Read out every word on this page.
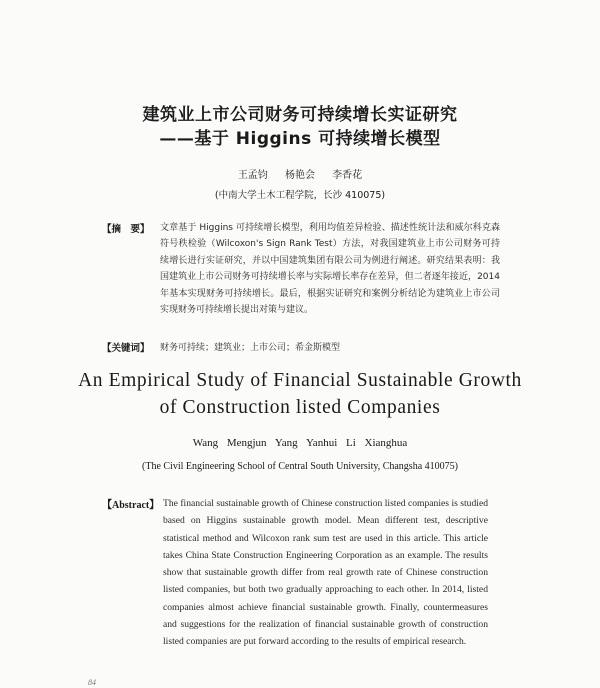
建筑业上市公司财务可持续增长实证研究
——基于 Higgins 可持续增长模型
王孟钧 杨艳会 李香花
(中南大学土木工程学院，长沙 410075)
【摘　要】 文章基于 Higgins 可持续增长模型，利用均值差异检验、描述性统计法和威尔科克森符号秩检验（Wilcoxon's Sign Rank Test）方法，对我国建筑业上市公司财务可持续增长进行实证研究，并以中国建筑集团有限公司为例进行阐述。研究结果表明：我国建筑业上市公司财务可持续增长率与实际增长率存在差异，但二者逐年接近，2014 年基本实现财务可持续增长。最后，根据实证研究和案例分析结论为建筑业上市公司实现财务可持续增长提出对策与建议。
【关键词】 财务可持续；建筑业；上市公司；希金斯模型
An Empirical Study of Financial Sustainable Growth
of Construction listed Companies
Wang Mengjun Yang Yanhui Li Xianghua
(The Civil Engineering School of Central South University, Changsha 410075)
【Abstract】 The financial sustainable growth of Chinese construction listed companies is studied based on Higgins sustainable growth model. Mean different test, descriptive statistical method and Wilcoxon rank sum test are used in this article. This article takes China State Construction Engineering Corporation as an example. The results show that sustainable growth differ from real growth rate of Chinese construction listed companies, but both two gradually approaching to each other. In 2014, listed companies almost achieve financial sustainable growth. Finally, countermeasures and suggestions for the realization of financial sustainable growth of construction listed companies are put forward according to the results of empirical research.
84
